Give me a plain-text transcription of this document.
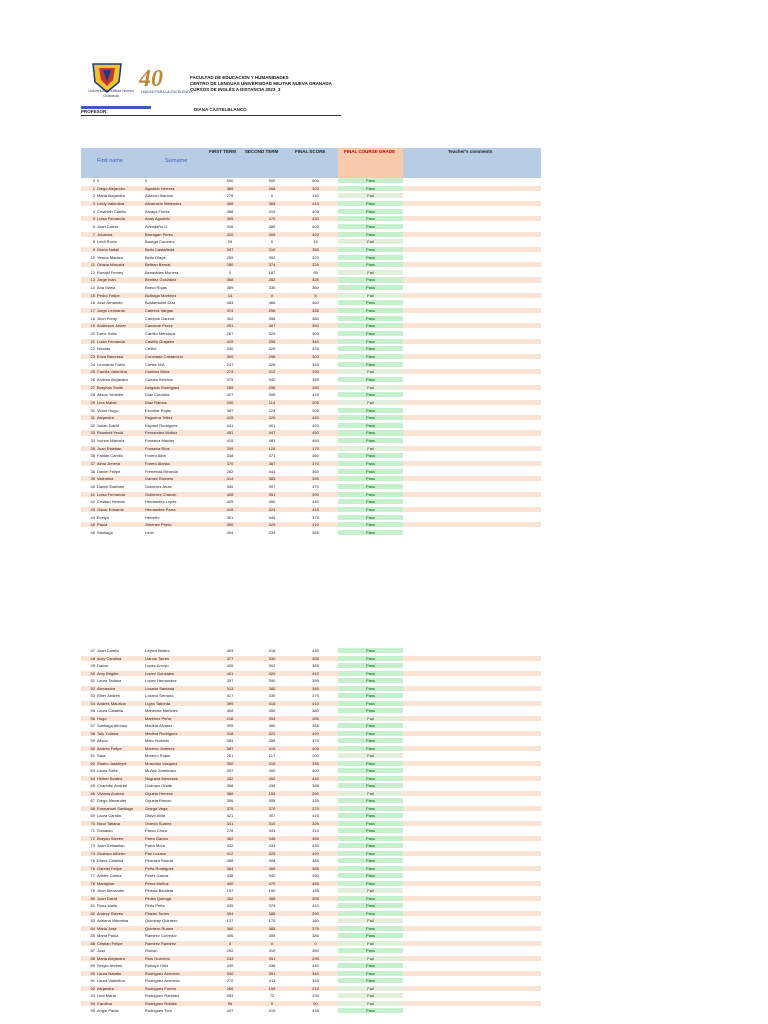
Universidad Militar Nueva Granada
40
UNIDAD PARA LA EXCELENCIA
FACULTAD DE EDUCACION Y HUMANIDADES
CENTRO DE LENGUAS UNIVERSIDAD MILITAR NUEVA GRANADA
CURSOS DE INGLÉS A DISTANCIA 2023_3
PROFESOR:	DIANA CASTELBLANCO
First name	Surname
FIRST TERM SECOND TERM	FINAL SCORE	FINAL COURSE GRADE	Teacher's comments
0 0	0	500	500	500	Pass
1 Diego Alejandro	Agudelo Herrera	365	268	320	Pass
2 Maria Alejandra	Alarcon Alarcon	278	0	140	Fail
3 Leidy Valentina	Albarracin Melendez	456	365	415	Pass
4 Cristhian Camilo	Amaya Florez	388	419	405	Pass
5 Luisa Fernanda	Arias Agudelo	395	470	430	Pass
6 Juan Carlos	Avendaño G.	415	385	405	Pass
7 Johanna	Barragan Perez	420	405	420	Pass
8 Leidi Rocio	Barriga Corredor	26	0	15	Fail
9 Gloria Natali	Bello Castañeda	397	310	355	Pass
10 Yesica Maritza	Bello Olaya	255	392	320	Pass
11 Oriana Marcela	Beltran Bernal	280	374	325	Pass
12 Ronald Ferney	Benavides Munera	0	187	95	Fail
13 Jorge Ivan	Benitez Gonzalez	368	282	325	Pass
14 Ana Maria	Bravo Rojas	389	330	360	Pass
15 Pedro Felipe	Buitrago Martinez	14	0	5	Fail
16 José Armando	Bustamante Diaz	453	466	460	Pass
17 Jorge Leonardo	Cabrera Vargas	374	296	335	Pass
18 Jhon Fredy	Campos Garzon	402	356	380	Pass
19 Anderson Javier	Canacue Perez	291	407	350	Pass
20 Doris Sofia	Carrillo Mendoza	267	325	300	Pass
21 Luisa Fernanda	Castillo Grajales	419	255	340	Pass
22 Nicolas	Cediel	430	420	425	Pass
23 Erica Banessa	Coronado Cristancho	300	296	300	Pass
24 Leonardo Fabio	Cortes N/A	247	426	340	Pass
25 Camila Valentina	Cubillos Mora	274	312	290	Fail
26 Andrea Alejandra	Cuesta Serrano	375	340	355	Pass
27 Brayhan Smith	Delgado Rodriguez	265	296	280	Fail
28 Alison Yeraldin	Diaz Cordoba	427	395	415	Pass
29 Lina Mabel	Diaz Ramos	290	114	205	Fail
30 Victor Hugo	Escobar Rojas	387	224	305	Pass
31 Alejandra	Esguerra Tellez	415	420	420	Pass
32 Julian David	Espinel Rodriguez	441	401	420	Pass
33 Rossbell Yesid	Fernandez Muñoz	451	447	450	Pass
34 Ivonne Marcela	Fonseca Macias	415	481	450	Pass
35 Juan Esteban	Fonseca Rios	209	126	170	Fail
36 Fabian Camilo	Forero Alba	348	371	360	Pass
37 Alma Jimena	Forero Alonso	370	367	370	Pass
38 Daniel Felipe	Freneeda Miranda	282	444	365	Pass
39 Valentina	Gamez Romero	414	383	395	Pass
40 Daniel Esteban	Gutierrez Ariza	345	397	370	Pass
41 Luisa Fernanda	Gutierrez Chacon	428	351	390	Pass
42 Cristian Hernan	Hernandez Lopez	425	450	440	Pass
43 Oscar Eduardo	Hernandez Parra	415	424	415	Pass
44 Evelyn	Herreño	301	445	375	Pass
45 Paula	Jimenez Prieto	390	429	410	Pass
46 Santiago	León	404	334	365	Pass
47 Juan Camilo	Leyton Betero	403	418	430	Pass
48 Aury Carolina	Llanos Torres	377	330	355	Pass
49 Daiver	Lopez Arroyo	426	302	365	Pass
50 Amy Brigitte	Lopez Gonzales	401	420	410	Pass
51 Laura Tatiana	Lopez Hernandez	397	390	395	Pass
52 Alexandra	Lozano Santana	313	380	345	Pass
53 Elber Andres	Lozano Serrano	417	330	375	Pass
54 Andres Mauricio	Lujan Taborda	399	416	410	Pass
55 Laura Catalina	Mahecha Martinez	408	350	380	Pass
56 Hugo	Martinez Peña	216	353	285	Fail
57 Santiago Alfonso	Medina Alvarez	395	380	385	Pass
58 Taly Yuliana	Medina Rodriguez	418	422	420	Pass
59 Alison	Melo Hurtado	384	355	370	Pass
60 Andres Felipe	Moreno Jimenez	387	415	405	Pass
61 Sara	Moreno Rojas	281	117	200	Fail
62 Shairo Jasbleydi	Moscoso Vasquez	350	315	335	Pass
63 Laura Sofia	Muñoz Zambrano	397	400	400	Pass
64 Helber Beatriz	Noguera Meneses	432	452	440	Pass
65 Charlotte Andrea	Ocampo Oñate	368	438	395	Pass
66 Viviana Andrea	Orjuela Herrera	366	154	260	Fail
67 Diego Alexander	Orjuela Rincon	306	355	335	Pass
68 Emmanuel Santiago	Ortega Vega	375	370	375	Pass
69 Laura Camila	Otavo Avila	421	407	415	Pass
70 Nicol Tatiana	Oviedo Suarez	341	310	325	Pass
71 Oswaldo	Pardo Chico	278	343	310	Pass
72 Brayan Steven	Parra Garcia	362	346	355	Pass
73 Juan Sebastian	Parra Mora	432	433	430	Pass
74 Gustavo Alberto	Paz Lozano	412	425	420	Pass
75 Diana Catalina	Pedraza Rueda	458	308	385	Pass
76 Gabriel Felipe	Peña Rodriguez	364	369	365	Pass
77 Arlette Carina	Perez Garcia	438	340	390	Pass
78 Mariajose	Perez Muñoz	440	470	455	Pass
79 Jhon Alexander	Pineda Bautista	157	150	155	Fail
80 Juan David	Pinilla Quiroga	402	385	395	Pass
81 Rosa Idalia	Pinto Peña	435	375	410	Pass
82 Andrey Steven	Plazas Torres	394	385	390	Pass
83 Adriana Valentina	Quimbay Quintero	137	175	160	Fail
84 Maria Jose	Quintero Ruano	360	385	375	Pass
85 Maria Paula	Ramirez Corredor	406	355	385	Pass
86 Cristian Felipe	Ramirez Ramirez	0	0	0	Fail
87 Jose	Rincon	292	410	350	Pass
88 Maria Alejandra	Rios Guerrero	243	351	295	Fail
89 Sergio Andres	Robayo Ortiz	439	436	440	Pass
90 Laura Natalia	Rodriguez Acevedo	330	351	340	Pass
91 Laura Valentina	Rodriguez Acevedo	272	411	340	Pass
92 Alejandra	Rodriguez Forero	266	159	215	Fail
93 Lina María	Rodriguez Ramirez	393	72	230	Fail
94 Carolina	Rodriguez Robles	96	0	50	Fail
95 Angie Paola	Rodriguez Toro	447	419	435	Pass
